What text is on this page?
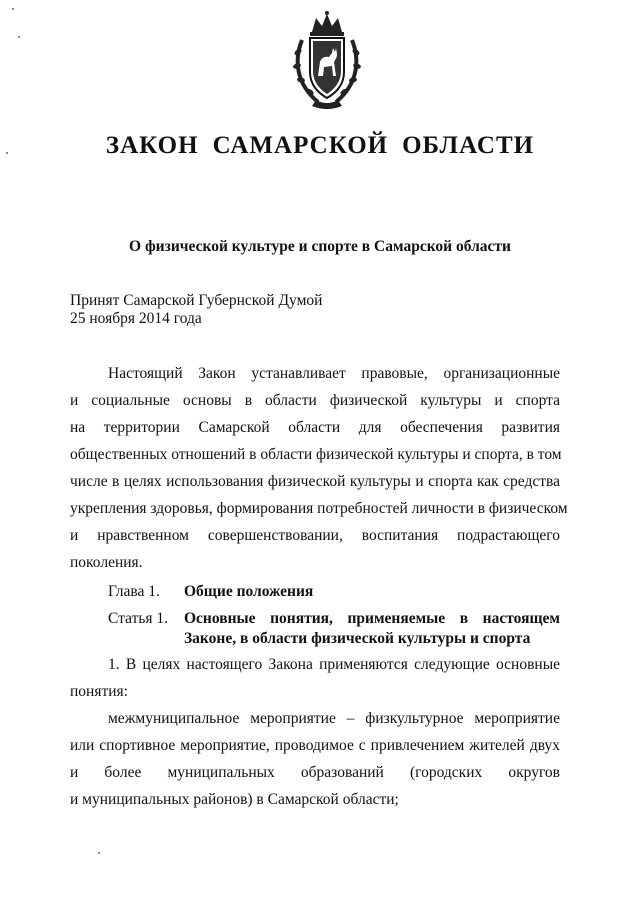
ЗАКОН САМАРСКОЙ ОБЛАСТИ
О физической культуре и спорте в Самарской области
Принят Самарской Губернской Думой
25 ноября 2014 года
Настоящий Закон устанавливает правовые, организационные
и социальные основы в области физической культуры и спорта
на территории Самарской области для обеспечения развития
общественных отношений в области физической культуры и спорта, в том
числе в целях использования физической культуры и спорта как средства
укрепления здоровья, формирования потребностей личности в физическом
и нравственном совершенствовании, воспитания подрастающего
поколения.
Глава 1.	Общие положения
Статья 1.	Основные понятия, применяемые в настоящем
Законе, в области физической культуры и спорта
1. В целях настоящего Закона применяются следующие основные
понятия:
межмуниципальное мероприятие – физкультурное мероприятие
или спортивное мероприятие, проводимое с привлечением жителей двух
и более муниципальных образований (городских округов
и муниципальных районов) в Самарской области;
